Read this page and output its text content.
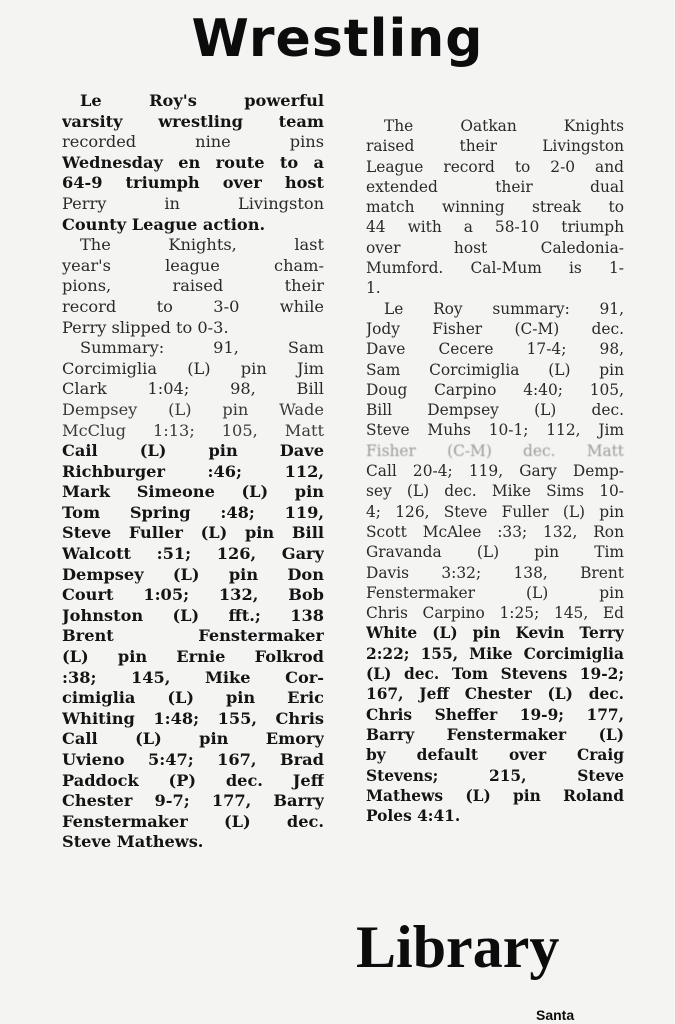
Wrestling
Le Roy's powerful
varsity wrestling team
recorded nine pins
Wednesday en route to a
64-9 triumph over host
Perry in Livingston
County League action.
The Knights, last
year's league cham-
pions, raised their
record to 3-0 while
Perry slipped to 0-3.
Summary: 91, Sam
Corcimiglia (L) pin Jim
Clark 1:04; 98, Bill
Dempsey (L) pin Wade
McClug 1:13; 105, Matt
Cail (L) pin Dave
Richburger :46; 112,
Mark Simeone (L) pin
Tom Spring :48; 119,
Steve Fuller (L) pin Bill
Walcott :51; 126, Gary
Dempsey (L) pin Don
Court 1:05; 132, Bob
Johnston (L) fft.; 138
Brent Fenstermaker
(L) pin Ernie Folkrod
:38; 145, Mike Cor-
cimiglia (L) pin Eric
Whiting 1:48; 155, Chris
Call (L) pin Emory
Uvieno 5:47; 167, Brad
Paddock (P) dec. Jeff
Chester 9-7; 177, Barry
Fenstermaker (L) dec.
Steve Mathews.
The Oatkan Knights
raised their Livingston
League record to 2-0 and
extended their dual
match winning streak to
44 with a 58-10 triumph
over host Caledonia-
Mumford. Cal-Mum is 1-
1.
Le Roy summary: 91,
Jody Fisher (C-M) dec.
Dave Cecere 17-4; 98,
Sam Corcimiglia (L) pin
Doug Carpino 4:40; 105,
Bill Dempsey (L) dec.
Steve Muhs 10-1; 112, Jim
Fisher (C-M) dec. Matt
Call 20-4; 119, Gary Demp-
sey (L) dec. Mike Sims 10-
4; 126, Steve Fuller (L) pin
Scott McAlee :33; 132, Ron
Gravanda (L) pin Tim
Davis 3:32; 138, Brent
Fenstermaker (L) pin
Chris Carpino 1:25; 145, Ed
White (L) pin Kevin Terry
2:22; 155, Mike Corcimiglia
(L) dec. Tom Stevens 19-2;
167, Jeff Chester (L) dec.
Chris Sheffer 19-9; 177,
Barry Fenstermaker (L)
by default over Craig
Stevens; 215, Steve
Mathews (L) pin Roland
Poles 4:41.
Library
Santa
